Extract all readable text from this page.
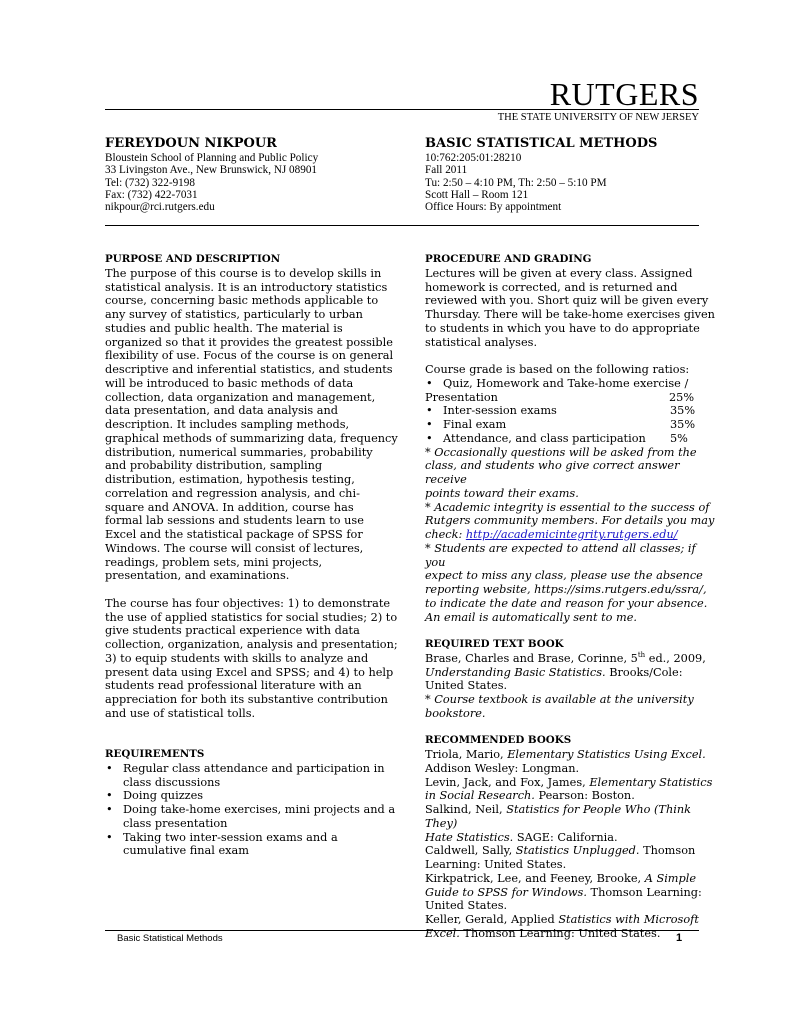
RUTGERS
THE STATE UNIVERSITY OF NEW JERSEY
FEREYDOUN NIKPOUR
Bloustein School of Planning and Public Policy
33 Livingston Ave., New Brunswick, NJ 08901
Tel: (732) 322-9198
Fax: (732) 422-7031
nikpour@rci.rutgers.edu
BASIC STATISTICAL METHODS
10:762:205:01:28210
Fall 2011
Tu: 2:50 – 4:10 PM, Th: 2:50 – 5:10 PM
Scott Hall – Room 121
Office Hours: By appointment
PURPOSE AND DESCRIPTION
The purpose of this course is to develop skills in
statistical analysis. It is an introductory statistics
course, concerning basic methods applicable to
any survey of statistics, particularly to urban
studies and public health. The material is
organized so that it provides the greatest possible
flexibility of use. Focus of the course is on general
descriptive and inferential statistics, and students
will be introduced to basic methods of data
collection, data organization and management,
data presentation, and data analysis and
description. It includes sampling methods,
graphical methods of summarizing data, frequency
distribution, numerical summaries, probability
and probability distribution, sampling
distribution, estimation, hypothesis testing,
correlation and regression analysis, and chi-
square and ANOVA. In addition, course has
formal lab sessions and students learn to use
Excel and the statistical package of SPSS for
Windows. The course will consist of lectures,
readings, problem sets, mini projects,
presentation, and examinations.
The course has four objectives: 1) to demonstrate
the use of applied statistics for social studies; 2) to
give students practical experience with data
collection, organization, analysis and presentation;
3) to equip students with skills to analyze and
present data using Excel and SPSS; and 4) to help
students read professional literature with an
appreciation for both its substantive contribution
and use of statistical tolls.
REQUIREMENTS
• Regular class attendance and participation in class discussions
• Doing quizzes
• Doing take-home exercises, mini projects and a class presentation
• Taking two inter-session exams and a cumulative final exam
PROCEDURE AND GRADING
Lectures will be given at every class. Assigned
homework is corrected, and is returned and
reviewed with you. Short quiz will be given every
Thursday. There will be take-home exercises given
to students in which you have to do appropriate
statistical analyses.
Course grade is based on the following ratios:
• Quiz, Homework and Take-home exercise /
Presentation	25%
• Inter-session exams	35%
• Final exam	35%
• Attendance, and class participation	5%
* Occasionally questions will be asked from the
class, and students who give correct answer receive
points toward their exams.
* Academic integrity is essential to the success of
Rutgers community members. For details you may
check: http://academicintegrity.rutgers.edu/
* Students are expected to attend all classes; if you
expect to miss any class, please use the absence
reporting website, https://sims.rutgers.edu/ssra/,
to indicate the date and reason for your absence.
An email is automatically sent to me.
REQUIRED TEXT BOOK
Brase, Charles and Brase, Corinne, 5th ed., 2009,
Understanding Basic Statistics. Brooks/Cole:
United States.
* Course textbook is available at the university
bookstore.
RECOMMENDED BOOKS
Triola, Mario, Elementary Statistics Using Excel.
Addison Wesley: Longman.
Levin, Jack, and Fox, James, Elementary Statistics
in Social Research. Pearson: Boston.
Salkind, Neil, Statistics for People Who (Think They)
Hate Statistics. SAGE: California.
Caldwell, Sally, Statistics Unplugged. Thomson
Learning: United States.
Kirkpatrick, Lee, and Feeney, Brooke, A Simple
Guide to SPSS for Windows. Thomson Learning:
United States.
Keller, Gerald, Applied Statistics with Microsoft
Excel. Thomson Learning: United States.
Basic Statistical Methods	1
